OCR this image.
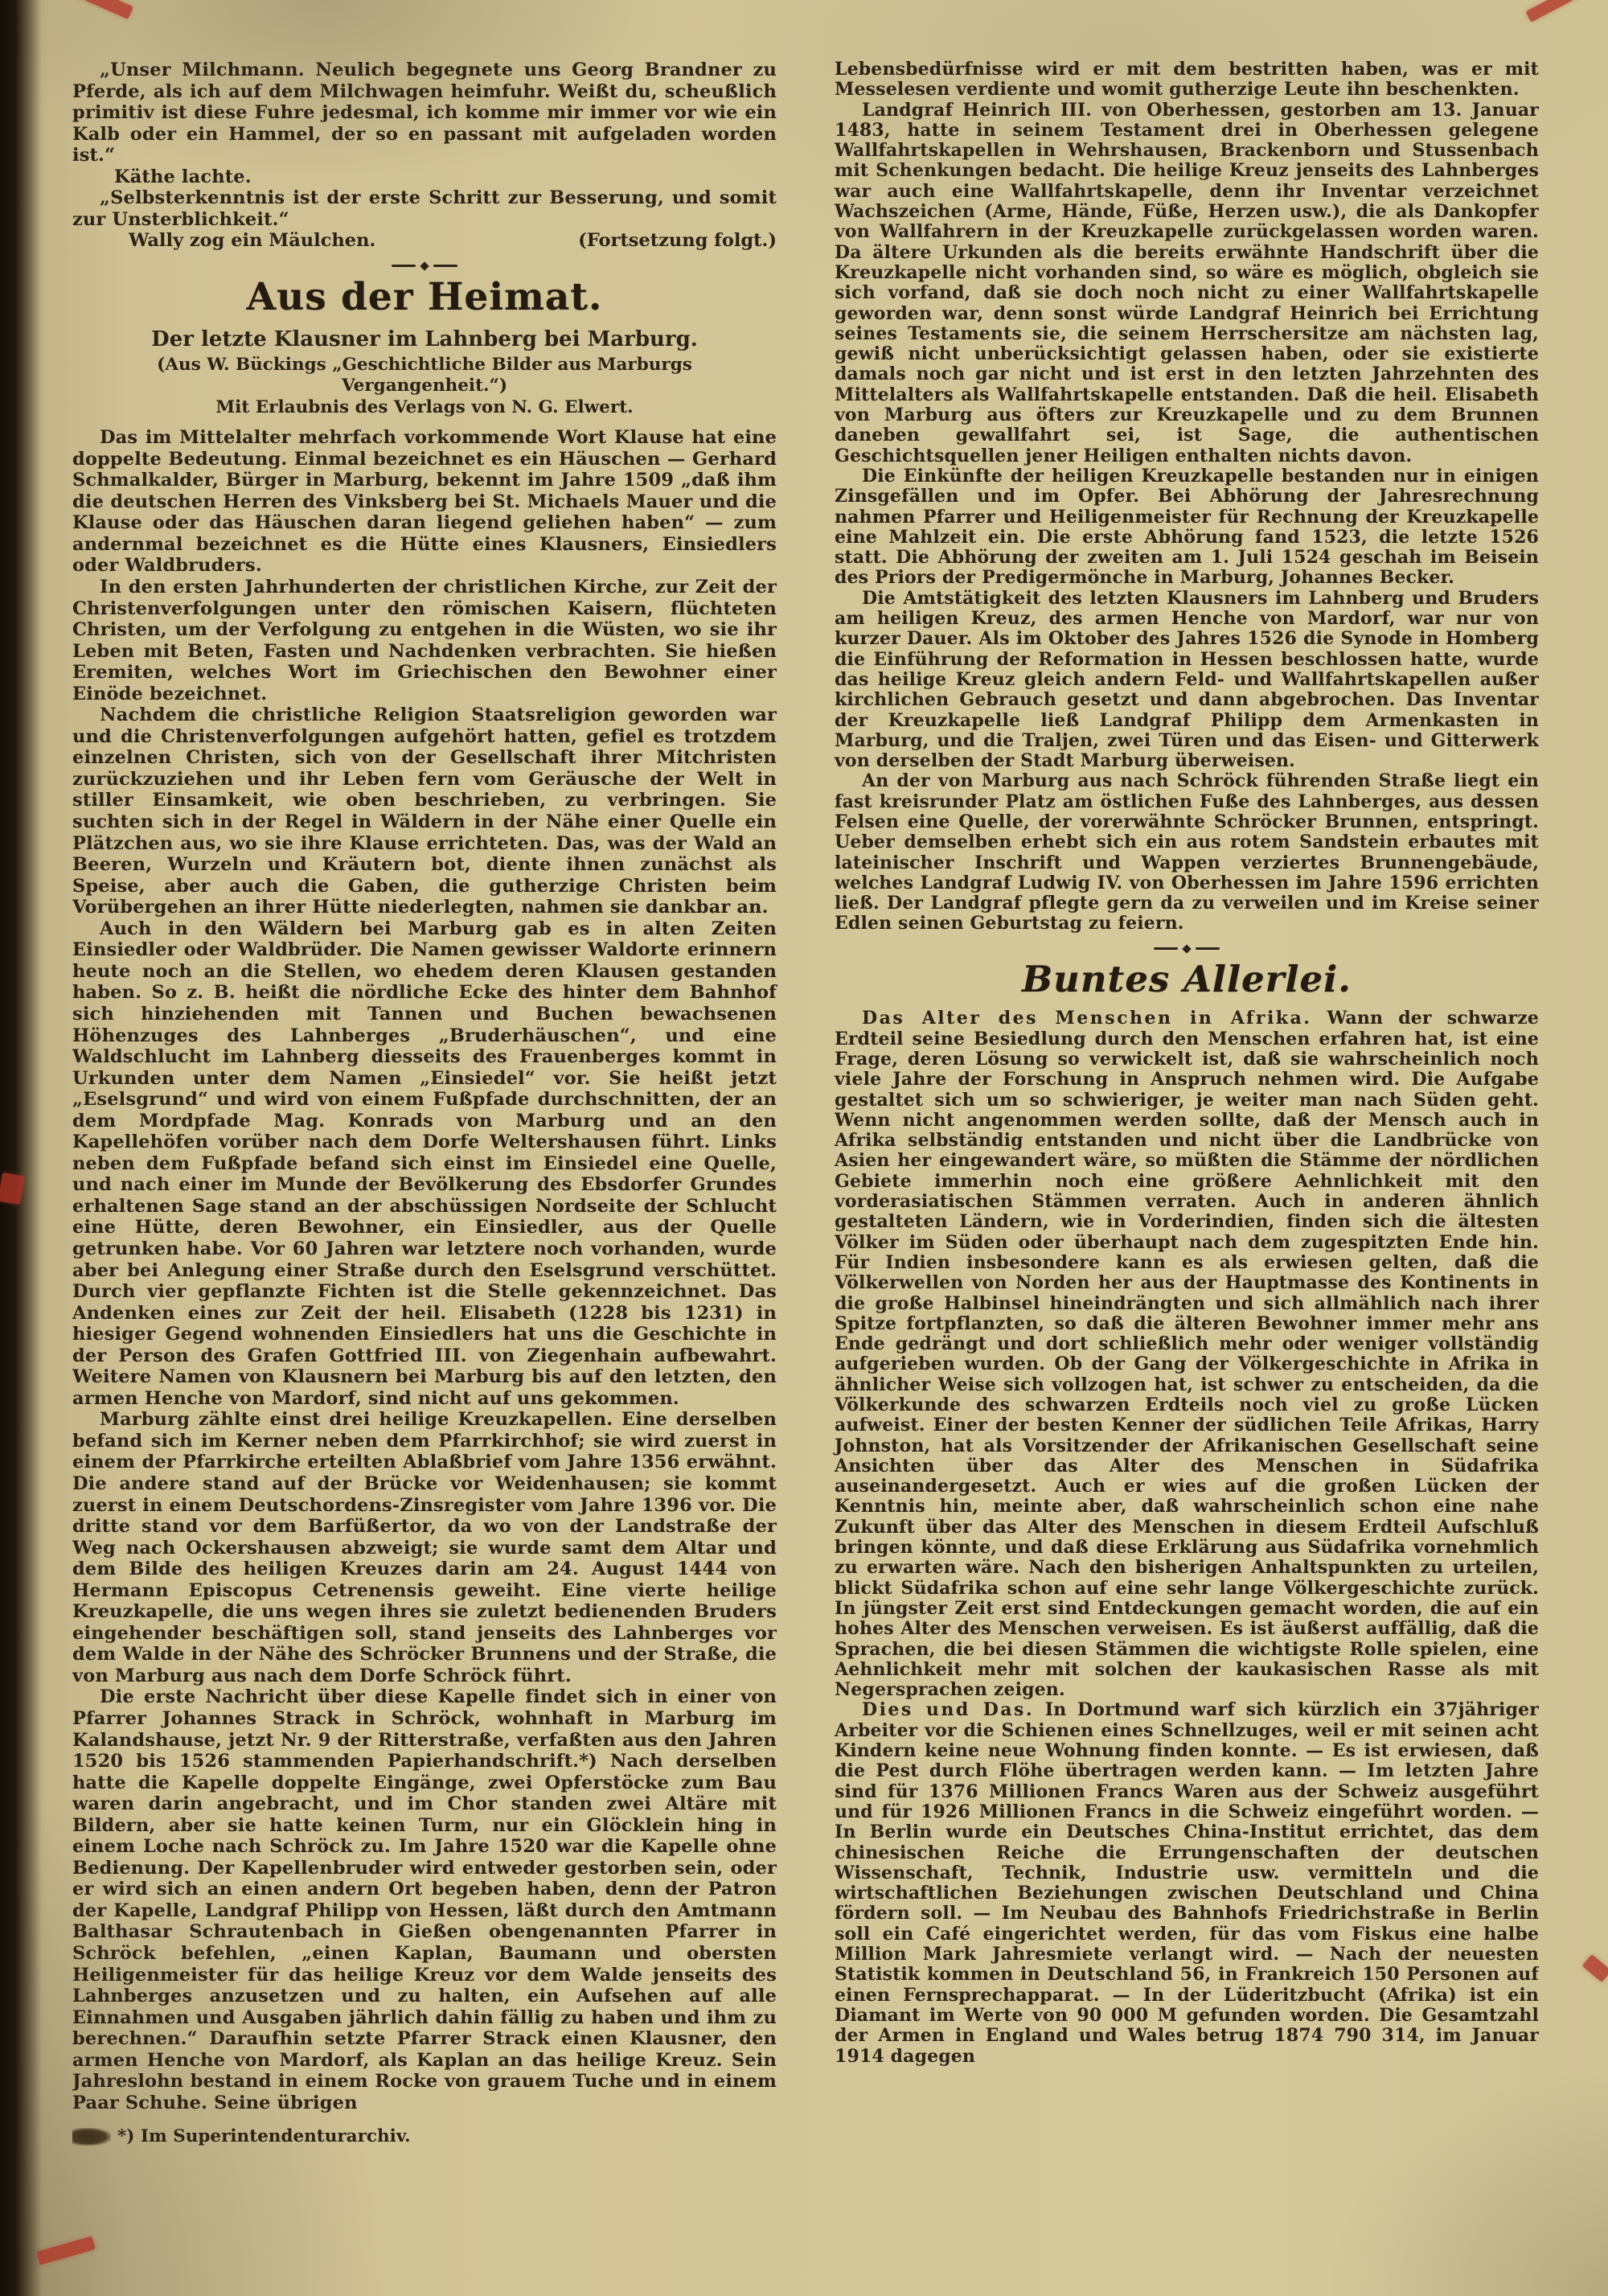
„Unser Milchmann. Neulich begegnete uns Georg Brandner zu Pferde, als ich auf dem Milchwagen heimfuhr. Weißt du, scheußlich primitiv ist diese Fuhre jedesmal, ich komme mir immer vor wie ein Kalb oder ein Hammel, der so en passant mit aufgeladen worden ist.“

Käthe lachte.

„Selbsterkenntnis ist der erste Schritt zur Besserung, und somit zur Unsterblichkeit.“

Wally zog ein Mäulchen.	(Fortsetzung folgt.)
Aus der Heimat.
Der letzte Klausner im Lahnberg bei Marburg.

(Aus W. Bückings „Geschichtliche Bilder aus Marburgs Vergangenheit.“)

Mit Erlaubnis des Verlags von N. G. Elwert.

Das im Mittelalter mehrfach vorkommende Wort Klause hat eine doppelte Bedeutung. Einmal bezeichnet es ein Häuschen — Gerhard Schmalkalder, Bürger in Marburg, bekennt im Jahre 1509 „daß ihm die deutschen Herren des Vinksberg bei St. Michaels Mauer und die Klause oder das Häuschen daran liegend geliehen haben“ — zum andernmal bezeichnet es die Hütte eines Klausners, Einsiedlers oder Waldbruders.

In den ersten Jahrhunderten der christlichen Kirche, zur Zeit der Christenverfolgungen unter den römischen Kaisern, flüchteten Christen, um der Verfolgung zu entgehen in die Wüsten, wo sie ihr Leben mit Beten, Fasten und Nachdenken verbrachten. Sie hießen Eremiten, welches Wort im Griechischen den Bewohner einer Einöde bezeichnet.

Nachdem die christliche Religion Staatsreligion geworden war und die Christenverfolgungen aufgehört hatten, gefiel es trotzdem einzelnen Christen, sich von der Gesellschaft ihrer Mitchristen zurückzuziehen und ihr Leben fern vom Geräusche der Welt in stiller Einsamkeit, wie oben beschrieben, zu verbringen. Sie suchten sich in der Regel in Wäldern in der Nähe einer Quelle ein Plätzchen aus, wo sie ihre Klause errichteten. Das, was der Wald an Beeren, Wurzeln und Kräutern bot, diente ihnen zunächst als Speise, aber auch die Gaben, die gutherzige Christen beim Vorübergehen an ihrer Hütte niederlegten, nahmen sie dankbar an.

Auch in den Wäldern bei Marburg gab es in alten Zeiten Einsiedler oder Waldbrüder. Die Namen gewisser Waldorte erinnern heute noch an die Stellen, wo ehedem deren Klausen gestanden haben. So z. B. heißt die nördliche Ecke des hinter dem Bahnhof sich hinziehenden mit Tannen und Buchen bewachsenen Höhenzuges des Lahnberges „Bruderhäuschen“, und eine Waldschlucht im Lahnberg diesseits des Frauenberges kommt in Urkunden unter dem Namen „Einsiedel“ vor. Sie heißt jetzt „Eselsgrund“ und wird von einem Fußpfade durchschnitten, der an dem Mordpfade Mag. Konrads von Marburg und an den Kapellehöfen vorüber nach dem Dorfe Weltershausen führt. Links neben dem Fußpfade befand sich einst im Einsiedel eine Quelle, und nach einer im Munde der Bevölkerung des Ebsdorfer Grundes erhaltenen Sage stand an der abschüssigen Nordseite der Schlucht eine Hütte, deren Bewohner, ein Einsiedler, aus der Quelle getrunken habe. Vor 60 Jahren war letztere noch vorhanden, wurde aber bei Anlegung einer Straße durch den Eselsgrund verschüttet. Durch vier gepflanzte Fichten ist die Stelle gekennzeichnet. Das Andenken eines zur Zeit der heil. Elisabeth (1228 bis 1231) in hiesiger Gegend wohnenden Einsiedlers hat uns die Geschichte in der Person des Grafen Gottfried III. von Ziegenhain aufbewahrt. Weitere Namen von Klausnern bei Marburg bis auf den letzten, den armen Henche von Mardorf, sind nicht auf uns gekommen.

Marburg zählte einst drei heilige Kreuzkapellen. Eine derselben befand sich im Kerner neben dem Pfarrkirchhof; sie wird zuerst in einem der Pfarrkirche erteilten Ablaßbrief vom Jahre 1356 erwähnt. Die andere stand auf der Brücke vor Weidenhausen; sie kommt zuerst in einem Deutschordens-Zinsregister vom Jahre 1396 vor. Die dritte stand vor dem Barfüßertor, da wo von der Landstraße der Weg nach Ockershausen abzweigt; sie wurde samt dem Altar und dem Bilde des heiligen Kreuzes darin am 24. August 1444 von Hermann Episcopus Cetrenensis geweiht. Eine vierte heilige Kreuzkapelle, die uns wegen ihres sie zuletzt bedienenden Bruders eingehender beschäftigen soll, stand jenseits des Lahnberges vor dem Walde in der Nähe des Schröcker Brunnens und der Straße, die von Marburg aus nach dem Dorfe Schröck führt.

Die erste Nachricht über diese Kapelle findet sich in einer von Pfarrer Johannes Strack in Schröck, wohnhaft in Marburg im Kalandshause, jetzt Nr. 9 der Ritterstraße, verfaßten aus den Jahren 1520 bis 1526 stammenden Papierhandschrift.*) Nach derselben hatte die Kapelle doppelte Eingänge, zwei Opferstöcke zum Bau waren darin angebracht, und im Chor standen zwei Altäre mit Bildern, aber sie hatte keinen Turm, nur ein Glöcklein hing in einem Loche nach Schröck zu. Im Jahre 1520 war die Kapelle ohne Bedienung. Der Kapellenbruder wird entweder gestorben sein, oder er wird sich an einen andern Ort begeben haben, denn der Patron der Kapelle, Landgraf Philipp von Hessen, läßt durch den Amtmann Balthasar Schrautenbach in Gießen obengenannten Pfarrer in Schröck befehlen, „einen Kaplan, Baumann und obersten Heiligenmeister für das heilige Kreuz vor dem Walde jenseits des Lahnberges anzusetzen und zu halten, ein Aufsehen auf alle Einnahmen und Ausgaben jährlich dahin fällig zu haben und ihm zu berechnen.“ Daraufhin setzte Pfarrer Strack einen Klausner, den armen Henche von Mardorf, als Kaplan an das heilige Kreuz. Sein Jahreslohn bestand in einem Rocke von grauem Tuche und in einem Paar Schuhe. Seine übrigen

*) Im Superintendenturarchiv.

Lebensbedürfnisse wird er mit dem bestritten haben, was er mit Messelesen verdiente und womit gutherzige Leute ihn beschenkten.

Landgraf Heinrich III. von Oberhessen, gestorben am 13. Januar 1483, hatte in seinem Testament drei in Oberhessen gelegene Wallfahrtskapellen in Wehrshausen, Brackenborn und Stussenbach mit Schenkungen bedacht. Die heilige Kreuz jenseits des Lahnberges war auch eine Wallfahrtskapelle, denn ihr Inventar verzeichnet Wachszeichen (Arme, Hände, Füße, Herzen usw.), die als Dankopfer von Wallfahrern in der Kreuzkapelle zurückgelassen worden waren. Da ältere Urkunden als die bereits erwähnte Handschrift über die Kreuzkapelle nicht vorhanden sind, so wäre es möglich, obgleich sie sich vorfand, daß sie doch noch nicht zu einer Wallfahrtskapelle geworden war, denn sonst würde Landgraf Heinrich bei Errichtung seines Testaments sie, die seinem Herrschersitze am nächsten lag, gewiß nicht unberücksichtigt gelassen haben, oder sie existierte damals noch gar nicht und ist erst in den letzten Jahrzehnten des Mittelalters als Wallfahrtskapelle entstanden. Daß die heil. Elisabeth von Marburg aus öfters zur Kreuzkapelle und zu dem Brunnen daneben gewallfahrt sei, ist Sage, die authentischen Geschichtsquellen jener Heiligen enthalten nichts davon.

Die Einkünfte der heiligen Kreuzkapelle bestanden nur in einigen Zinsgefällen und im Opfer. Bei Abhörung der Jahresrechnung nahmen Pfarrer und Heiligenmeister für Rechnung der Kreuzkapelle eine Mahlzeit ein. Die erste Abhörung fand 1523, die letzte 1526 statt. Die Abhörung der zweiten am 1. Juli 1524 geschah im Beisein des Priors der Predigermönche in Marburg, Johannes Becker.

Die Amtstätigkeit des letzten Klausners im Lahnberg und Bruders am heiligen Kreuz, des armen Henche von Mardorf, war nur von kurzer Dauer. Als im Oktober des Jahres 1526 die Synode in Homberg die Einführung der Reformation in Hessen beschlossen hatte, wurde das heilige Kreuz gleich andern Feld- und Wallfahrtskapellen außer kirchlichen Gebrauch gesetzt und dann abgebrochen. Das Inventar der Kreuzkapelle ließ Landgraf Philipp dem Armenkasten in Marburg, und die Traljen, zwei Türen und das Eisen- und Gitterwerk von derselben der Stadt Marburg überweisen.

An der von Marburg aus nach Schröck führenden Straße liegt ein fast kreisrunder Platz am östlichen Fuße des Lahnberges, aus dessen Felsen eine Quelle, der vorerwähnte Schröcker Brunnen, entspringt. Ueber demselben erhebt sich ein aus rotem Sandstein erbautes mit lateinischer Inschrift und Wappen verziertes Brunnengebäude, welches Landgraf Ludwig IV. von Oberhessen im Jahre 1596 errichten ließ. Der Landgraf pflegte gern da zu verweilen und im Kreise seiner Edlen seinen Geburtstag zu feiern.

Buntes Allerlei.

Das Alter des Menschen in Afrika. Wann der schwarze Erdteil seine Besiedlung durch den Menschen erfahren hat, ist eine Frage, deren Lösung so verwickelt ist, daß sie wahrscheinlich noch viele Jahre der Forschung in Anspruch nehmen wird. Die Aufgabe gestaltet sich um so schwieriger, je weiter man nach Süden geht. Wenn nicht angenommen werden sollte, daß der Mensch auch in Afrika selbständig entstanden und nicht über die Landbrücke von Asien her eingewandert wäre, so müßten die Stämme der nördlichen Gebiete immerhin noch eine größere Aehnlichkeit mit den vorderasiatischen Stämmen verraten. Auch in anderen ähnlich gestalteten Ländern, wie in Vorderindien, finden sich die ältesten Völker im Süden oder überhaupt nach dem zugespitzten Ende hin. Für Indien insbesondere kann es als erwiesen gelten, daß die Völkerwellen von Norden her aus der Hauptmasse des Kontinents in die große Halbinsel hineindrängten und sich allmählich nach ihrer Spitze fortpflanzten, so daß die älteren Bewohner immer mehr ans Ende gedrängt und dort schließlich mehr oder weniger vollständig aufgerieben wurden. Ob der Gang der Völkergeschichte in Afrika in ähnlicher Weise sich vollzogen hat, ist schwer zu entscheiden, da die Völkerkunde des schwarzen Erdteils noch viel zu große Lücken aufweist. Einer der besten Kenner der südlichen Teile Afrikas, Harry Johnston, hat als Vorsitzender der Afrikanischen Gesellschaft seine Ansichten über das Alter des Menschen in Südafrika auseinandergesetzt. Auch er wies auf die großen Lücken der Kenntnis hin, meinte aber, daß wahrscheinlich schon eine nahe Zukunft über das Alter des Menschen in diesem Erdteil Aufschluß bringen könnte, und daß diese Erklärung aus Südafrika vornehmlich zu erwarten wäre. Nach den bisherigen Anhaltspunkten zu urteilen, blickt Südafrika schon auf eine sehr lange Völkergeschichte zurück. In jüngster Zeit erst sind Entdeckungen gemacht worden, die auf ein hohes Alter des Menschen verweisen. Es ist äußerst auffällig, daß die Sprachen, die bei diesen Stämmen die wichtigste Rolle spielen, eine Aehnlichkeit mehr mit solchen der kaukasischen Rasse als mit Negersprachen zeigen.

Dies und Das. In Dortmund warf sich kürzlich ein 37jähriger Arbeiter vor die Schienen eines Schnellzuges, weil er mit seinen acht Kindern keine neue Wohnung finden konnte. — Es ist erwiesen, daß die Pest durch Flöhe übertragen werden kann. — Im letzten Jahre sind für 1376 Millionen Francs Waren aus der Schweiz ausgeführt und für 1926 Millionen Francs in die Schweiz eingeführt worden. — In Berlin wurde ein Deutsches China-Institut errichtet, das dem chinesischen Reiche die Errungenschaften der deutschen Wissenschaft, Technik, Industrie usw. vermitteln und die wirtschaftlichen Beziehungen zwischen Deutschland und China fördern soll. — Im Neubau des Bahnhofs Friedrichstraße in Berlin soll ein Café eingerichtet werden, für das vom Fiskus eine halbe Million Mark Jahresmiete verlangt wird. — Nach der neuesten Statistik kommen in Deutschland 56, in Frankreich 150 Personen auf einen Fernsprechapparat. — In der Lüderitzbucht (Afrika) ist ein Diamant im Werte von 90 000 M gefunden worden. Die Gesamtzahl der Armen in England und Wales betrug 1874 790 314, im Januar 1914 dagegen
